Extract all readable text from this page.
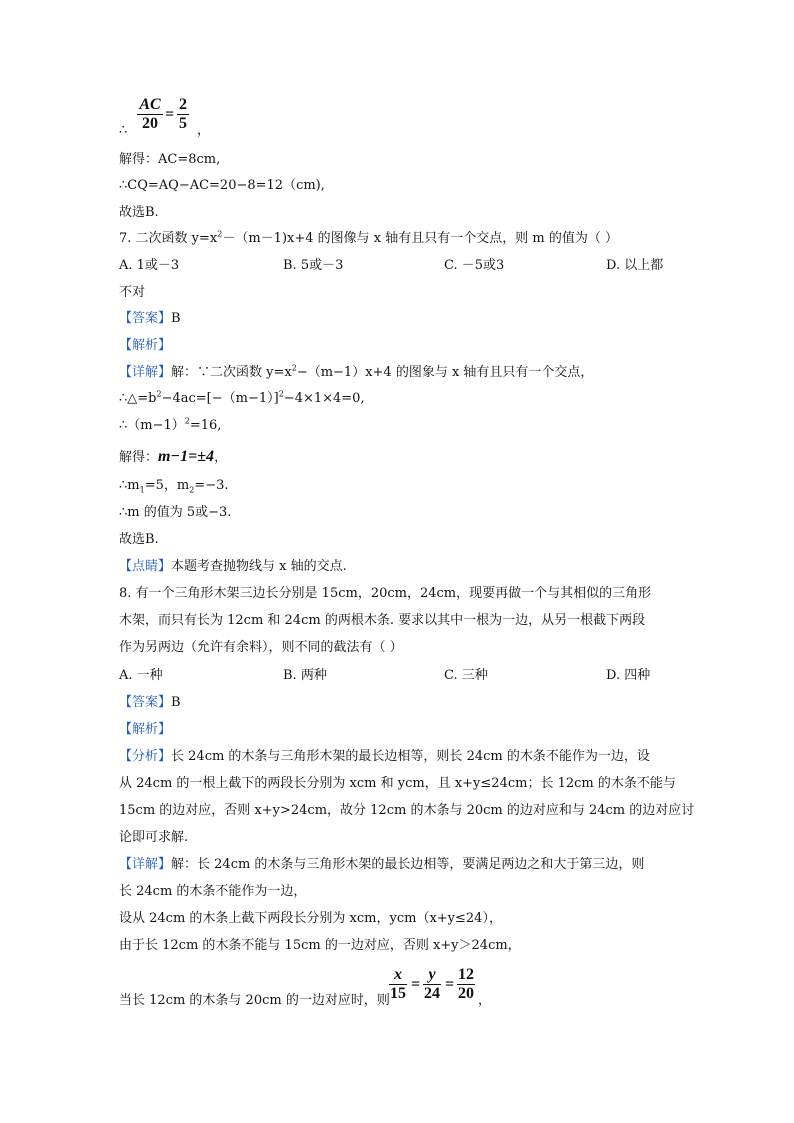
AC
20
=
2
5
∴	，
解得：AC=8cm,
∴CQ=AQ−AC=20−8=12（cm),
故选B.
7. 二次函数 $y=x^2-(m-1)x+4$ 的图像与 x 轴有且只有一个交点，则 m 的值为（ ）
A. 1或－3	B. 5或－3	C. －5或3	D. 以上都
不对
【答案】B
【解析】
【详解】解：∵二次函数 $y=x^2-(m-1)x+4$ 的图象与 x 轴有且只有一个交点，
$\therefore\triangle=b^2-4ac=[-(m-1)]^2-4\times 1\times 4=0$,
$\therefore(m-1)^2=16$,
解得：m−1=±4，
$\therefore m_1=5$，$m_2=-3$.
∴m 的值为 5或−3.
故选B.
【点睛】本题考查抛物线与 x 轴的交点.
8. 有一个三角形木架三边长分别是 15cm，20cm，24cm，现要再做一个与其相似的三角形
木架，而只有长为 12cm 和 24cm 的两根木条. 要求以其中一根为一边，从另一根截下两段
作为另两边（允许有余料），则不同的截法有（ ）
A. 一种	B. 两种	C. 三种	D. 四种
【答案】B
【解析】
【分析】长 24cm 的木条与三角形木架的最长边相等，则长 24cm 的木条不能作为一边，设
从 24cm 的一根上截下的两段长分别为 xcm 和 ycm，且 x+y≤24cm；长 12cm 的木条不能与
15cm 的边对应，否则 x+y>24cm，故分 12cm 的木条与 20cm 的边对应和与 24cm 的边对应讨
论即可求解.
【详解】解：长 24cm 的木条与三角形木架的最长边相等，要满足两边之和大于第三边，则
长 24cm 的木条不能作为一边，
设从 24cm 的木条上截下两段长分别为 xcm，ycm（x+y≤24），
由于长 12cm 的木条不能与 15cm 的一边对应，否则 x+y＞24cm，
当长 12cm 的木条与 20cm 的一边对应时，则
x
15
=
y
24
=
12
20 ，
